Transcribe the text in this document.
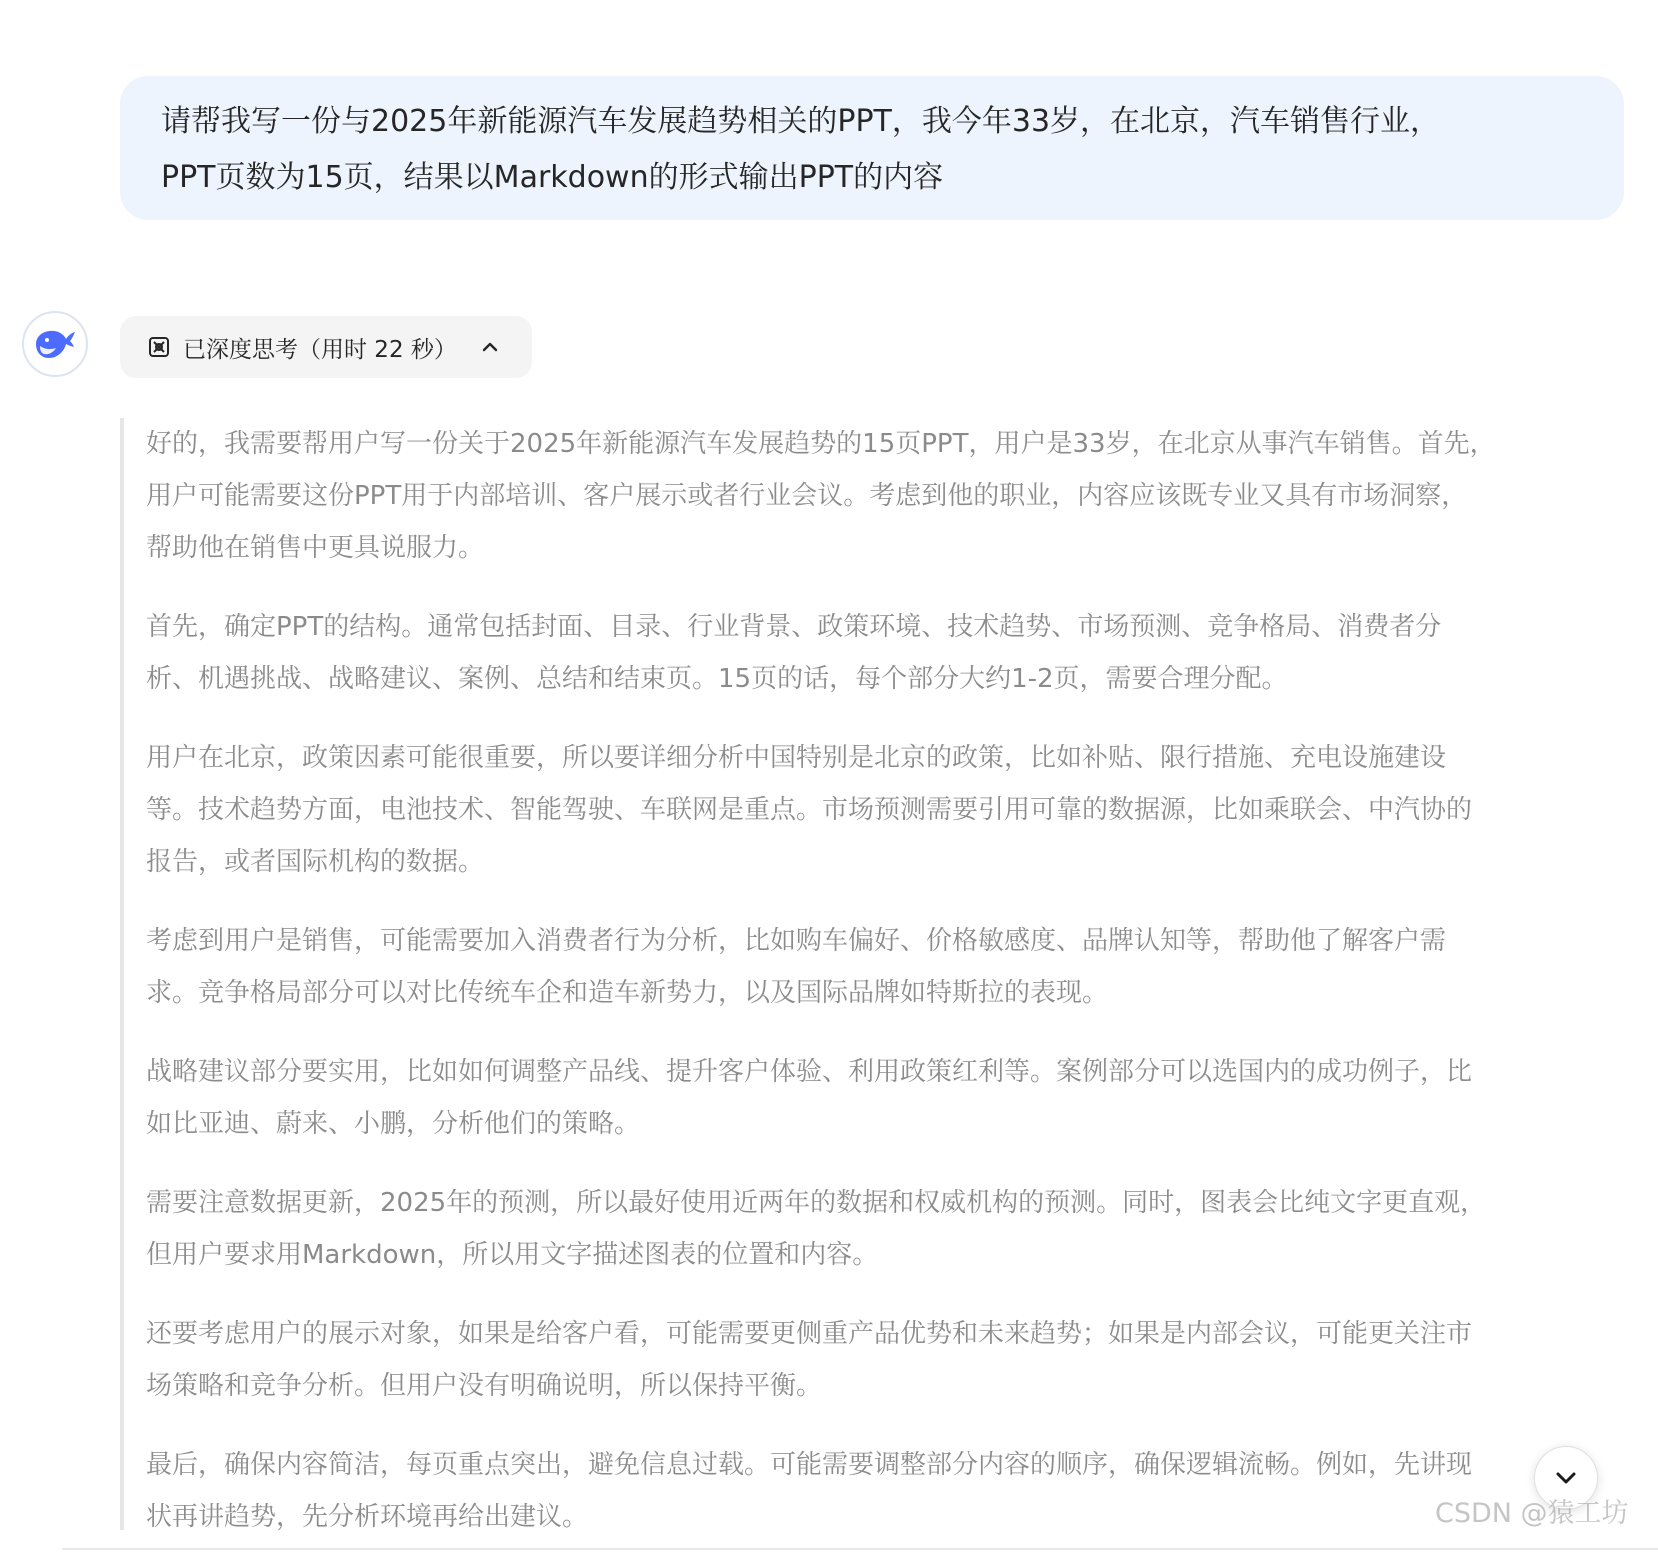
请帮我写一份与2025年新能源汽车发展趋势相关的PPT，我今年33岁，在北京，汽车销售行业，
PPT页数为15页，结果以Markdown的形式输出PPT的内容
已深度思考（用时 22 秒）

好的，我需要帮用户写一份关于2025年新能源汽车发展趋势的15页PPT，用户是33岁，在北京从事汽车销售。首先，
用户可能需要这份PPT用于内部培训、客户展示或者行业会议。考虑到他的职业，内容应该既专业又具有市场洞察，
帮助他在销售中更具说服力。

首先，确定PPT的结构。通常包括封面、目录、行业背景、政策环境、技术趋势、市场预测、竞争格局、消费者分
析、机遇挑战、战略建议、案例、总结和结束页。15页的话，每个部分大约1-2页，需要合理分配。

用户在北京，政策因素可能很重要，所以要详细分析中国特别是北京的政策，比如补贴、限行措施、充电设施建设
等。技术趋势方面，电池技术、智能驾驶、车联网是重点。市场预测需要引用可靠的数据源，比如乘联会、中汽协的
报告，或者国际机构的数据。

考虑到用户是销售，可能需要加入消费者行为分析，比如购车偏好、价格敏感度、品牌认知等，帮助他了解客户需
求。竞争格局部分可以对比传统车企和造车新势力，以及国际品牌如特斯拉的表现。

战略建议部分要实用，比如如何调整产品线、提升客户体验、利用政策红利等。案例部分可以选国内的成功例子，比
如比亚迪、蔚来、小鹏，分析他们的策略。

需要注意数据更新，2025年的预测，所以最好使用近两年的数据和权威机构的预测。同时，图表会比纯文字更直观，
但用户要求用Markdown，所以用文字描述图表的位置和内容。

还要考虑用户的展示对象，如果是给客户看，可能需要更侧重产品优势和未来趋势；如果是内部会议，可能更关注市
场策略和竞争分析。但用户没有明确说明，所以保持平衡。

最后，确保内容简洁，每页重点突出，避免信息过载。可能需要调整部分内容的顺序，确保逻辑流畅。例如，先讲现
状再讲趋势，先分析环境再给出建议。	CSDN @猿工坊
